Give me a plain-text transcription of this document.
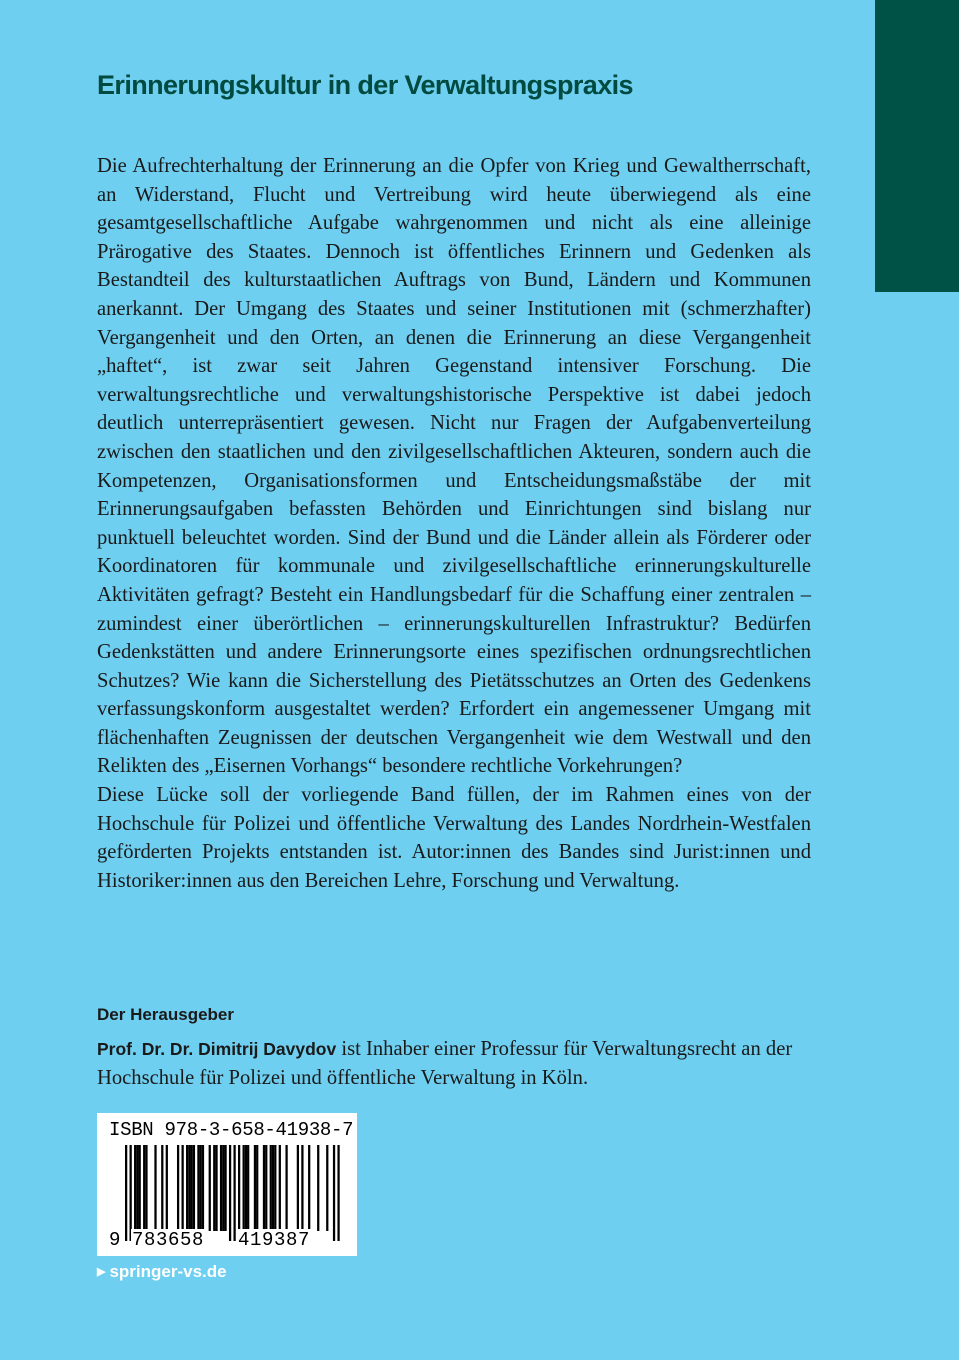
Erinnerungskultur in der Verwaltungspraxis

Die Aufrechterhaltung der Erinnerung an die Opfer von Krieg und Gewaltherrschaft, an Widerstand, Flucht und Vertreibung wird heute überwiegend als eine gesamtgesellschaftliche Aufgabe wahrgenommen und nicht als eine alleinige Prärogative des Staates. Dennoch ist öffentliches Erinnern und Gedenken als Bestandteil des kulturstaatlichen Auftrags von Bund, Ländern und Kommunen anerkannt. Der Umgang des Staates und seiner Institutionen mit (schmerzhafter) Vergangenheit und den Orten, an denen die Erinnerung an diese Vergangenheit „haftet“, ist zwar seit Jahren Gegenstand intensiver Forschung. Die verwaltungsrechtliche und verwaltungshistorische Perspektive ist dabei jedoch deutlich unterrepräsentiert gewesen. Nicht nur Fragen der Aufgabenverteilung zwischen den staatlichen und den zivilgesellschaftlichen Akteuren, sondern auch die Kompetenzen, Organisationsformen und Entscheidungsmaßstäbe der mit Erinnerungsaufgaben befassten Behörden und Einrichtungen sind bislang nur punktuell beleuchtet worden. Sind der Bund und die Länder allein als Förderer oder Koordinatoren für kommunale und zivilgesellschaftliche erinnerungskulturelle Aktivitäten gefragt? Besteht ein Handlungsbedarf für die Schaffung einer zentralen – zumindest einer überörtlichen – erinnerungskulturellen Infrastruktur? Bedürfen Gedenkstätten und andere Erinnerungsorte eines spezifischen ordnungsrechtlichen Schutzes? Wie kann die Sicherstellung des Pietätsschutzes an Orten des Gedenkens verfassungskonform ausgestaltet werden? Erfordert ein angemessener Umgang mit flächenhaften Zeugnissen der deutschen Vergangenheit wie dem Westwall und den Relikten des „Eisernen Vorhangs“ besondere rechtliche Vorkehrungen?

Diese Lücke soll der vorliegende Band füllen, der im Rahmen eines von der Hochschule für Polizei und öffentliche Verwaltung des Landes Nordrhein-Westfalen geförderten Projekts entstanden ist. Autor:innen des Bandes sind Jurist:innen und Historiker:innen aus den Bereichen Lehre, Forschung und Verwaltung.

Der Herausgeber

Prof. Dr. Dr. Dimitrij Davydov ist Inhaber einer Professur für Verwaltungsrecht an der Hochschule für Polizei und öffentliche Verwaltung in Köln.

ISBN 978-3-658-41938-7
9 783658 419387
▶ springer-vs.de
